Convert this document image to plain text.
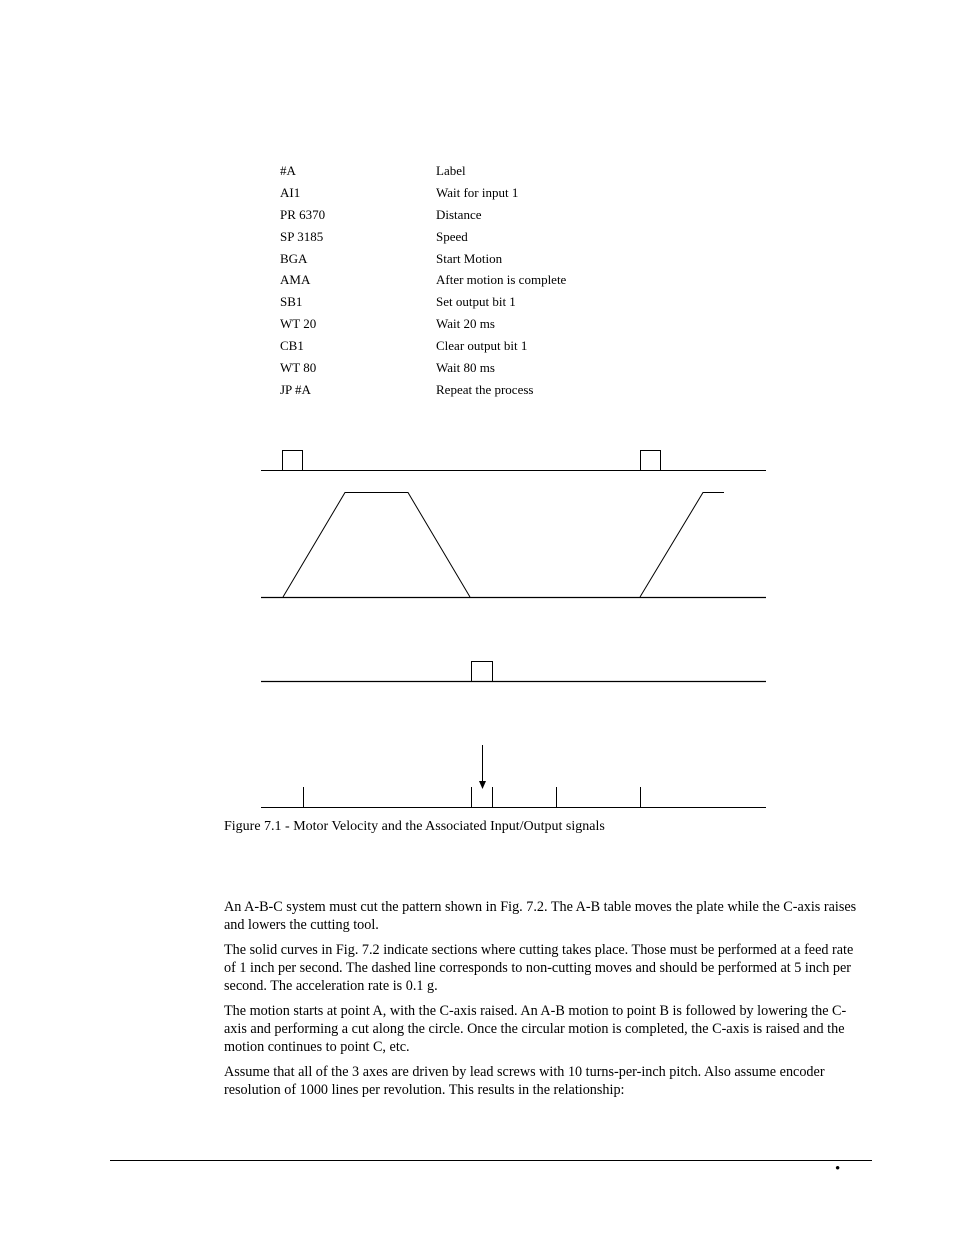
#A	Label
AI1	Wait for input 1
PR 6370	Distance
SP 3185	Speed
BGA	Start Motion
AMA	After motion is complete
SB1	Set output bit 1
WT 20	Wait 20 ms
CB1	Clear output bit 1
WT 80	Wait 80 ms
JP #A	Repeat the process
Figure 7.1 - Motor Velocity and the Associated Input/Output signals

An A-B-C system must cut the pattern shown in Fig. 7.2. The A-B table moves the plate while the C-axis raises and lowers the cutting tool.

The solid curves in Fig. 7.2 indicate sections where cutting takes place. Those must be performed at a feed rate of 1 inch per second. The dashed line corresponds to non-cutting moves and should be performed at 5 inch per second. The acceleration rate is 0.1 g.

The motion starts at point A, with the C-axis raised. An A-B motion to point B is followed by lowering the C-axis and performing a cut along the circle. Once the circular motion is completed, the C-axis is raised and the motion continues to point C, etc.

Assume that all of the 3 axes are driven by lead screws with 10 turns-per-inch pitch. Also assume encoder resolution of 1000 lines per revolution. This results in the relationship:

•
